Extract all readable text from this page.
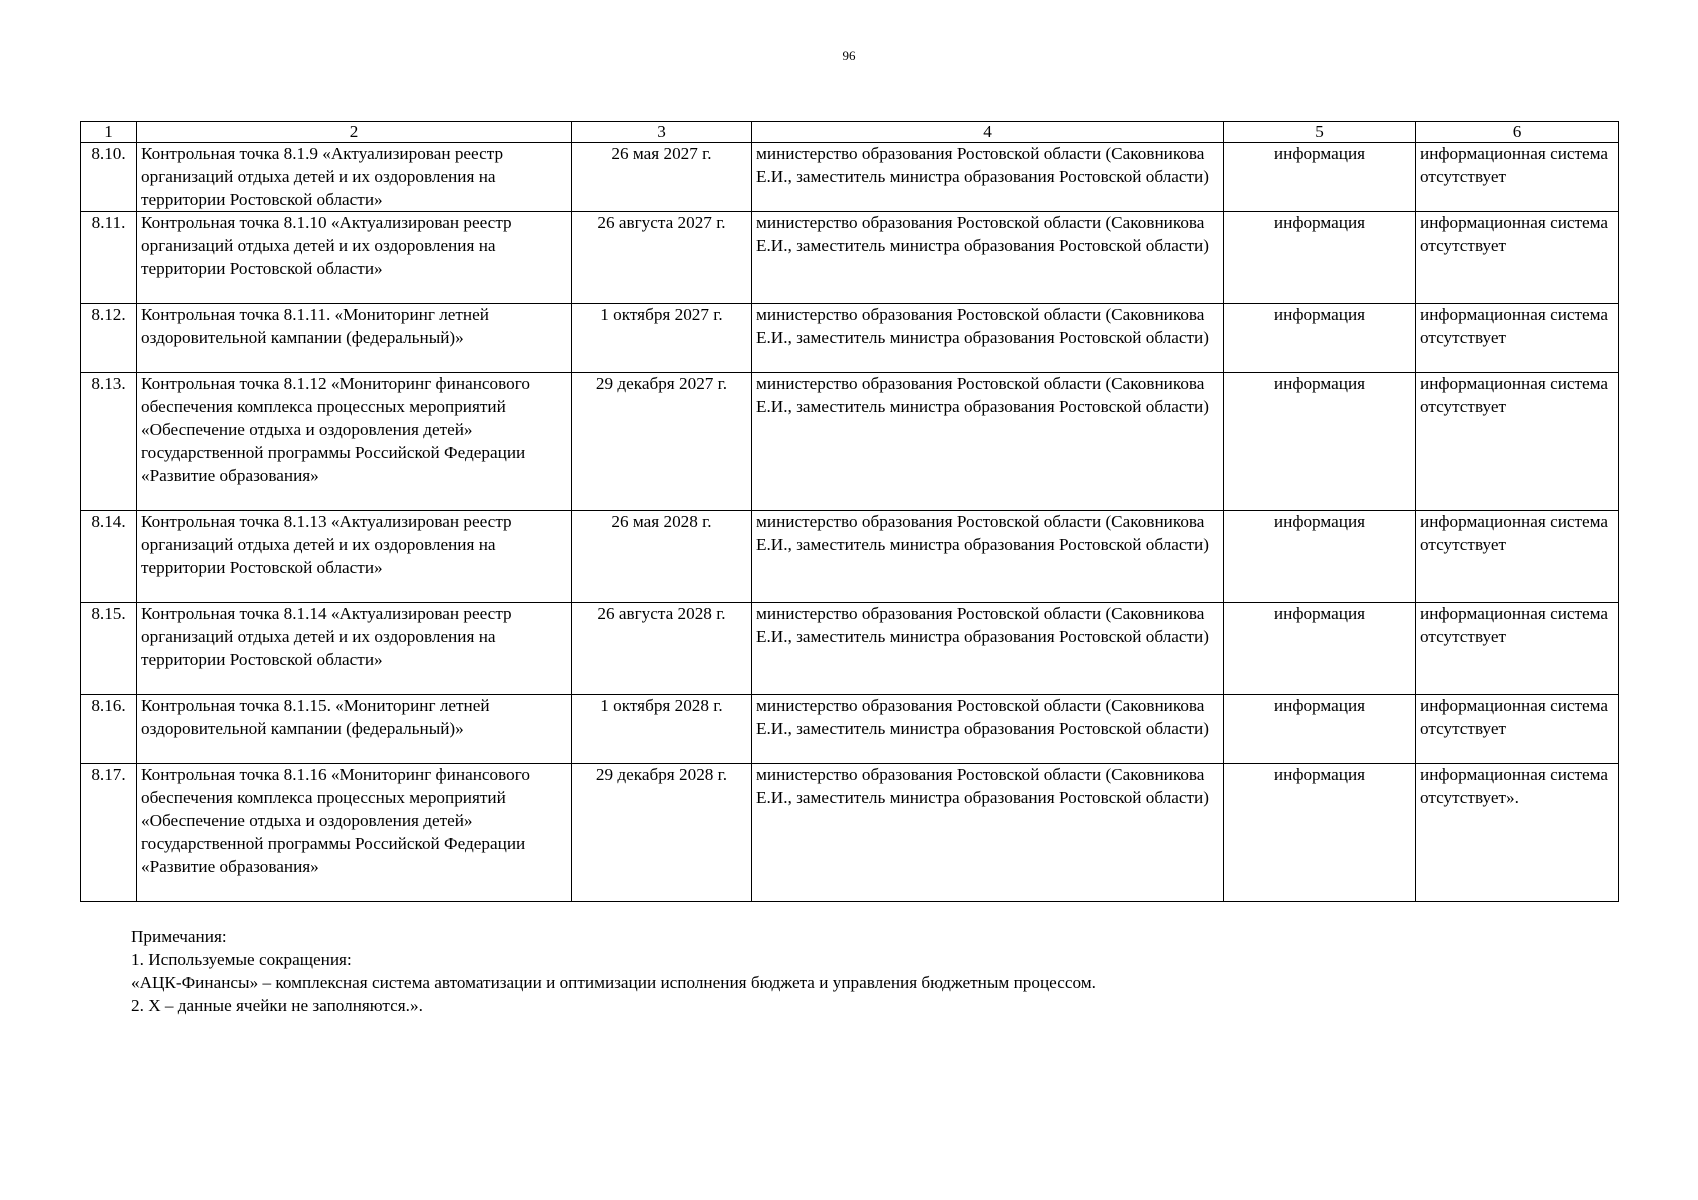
96
1	2	3	4	5	6
8.10.	Контрольная точка 8.1.9 «Актуализирован реестр организаций отдыха детей и их оздоровления на территории Ростовской области»	26 мая 2027 г.	министерство образования Ростовской области (Саковникова Е.И., заместитель министра образования Ростовской области)	информация	информационная система отсутствует
8.11.	Контрольная точка 8.1.10 «Актуализирован реестр организаций отдыха детей и их оздоровления на территории Ростовской области»	26 августа 2027 г.	министерство образования Ростовской области (Саковникова Е.И., заместитель министра образования Ростовской области)	информация	информационная система отсутствует
8.12.	Контрольная точка 8.1.11. «Мониторинг летней оздоровительной кампании (федеральный)»	1 октября 2027 г.	министерство образования Ростовской области (Саковникова Е.И., заместитель министра образования Ростовской области)	информация	информационная система отсутствует
8.13.	Контрольная точка 8.1.12 «Мониторинг финансового обеспечения комплекса процессных мероприятий «Обеспечение отдыха и оздоровления детей» государственной программы Российской Федерации «Развитие образования»	29 декабря 2027 г.	министерство образования Ростовской области (Саковникова Е.И., заместитель министра образования Ростовской области)	информация	информационная система отсутствует
8.14.	Контрольная точка 8.1.13 «Актуализирован реестр организаций отдыха детей и их оздоровления на территории Ростовской области»	26 мая 2028 г.	министерство образования Ростовской области (Саковникова Е.И., заместитель министра образования Ростовской области)	информация	информационная система отсутствует
8.15.	Контрольная точка 8.1.14 «Актуализирован реестр организаций отдыха детей и их оздоровления на территории Ростовской области»	26 августа 2028 г.	министерство образования Ростовской области (Саковникова Е.И., заместитель министра образования Ростовской области)	информация	информационная система отсутствует
8.16.	Контрольная точка 8.1.15. «Мониторинг летней оздоровительной кампании (федеральный)»	1 октября 2028 г.	министерство образования Ростовской области (Саковникова Е.И., заместитель министра образования Ростовской области)	информация	информационная система отсутствует
8.17.	Контрольная точка 8.1.16 «Мониторинг финансового обеспечения комплекса процессных мероприятий «Обеспечение отдыха и оздоровления детей» государственной программы Российской Федерации «Развитие образования»	29 декабря 2028 г.	министерство образования Ростовской области (Саковникова Е.И., заместитель министра образования Ростовской области)	информация	информационная система отсутствует».
Примечания:
1. Используемые сокращения:
«АЦК-Финансы» – комплексная система автоматизации и оптимизации исполнения бюджета и управления бюджетным процессом.
2. X – данные ячейки не заполняются.».
